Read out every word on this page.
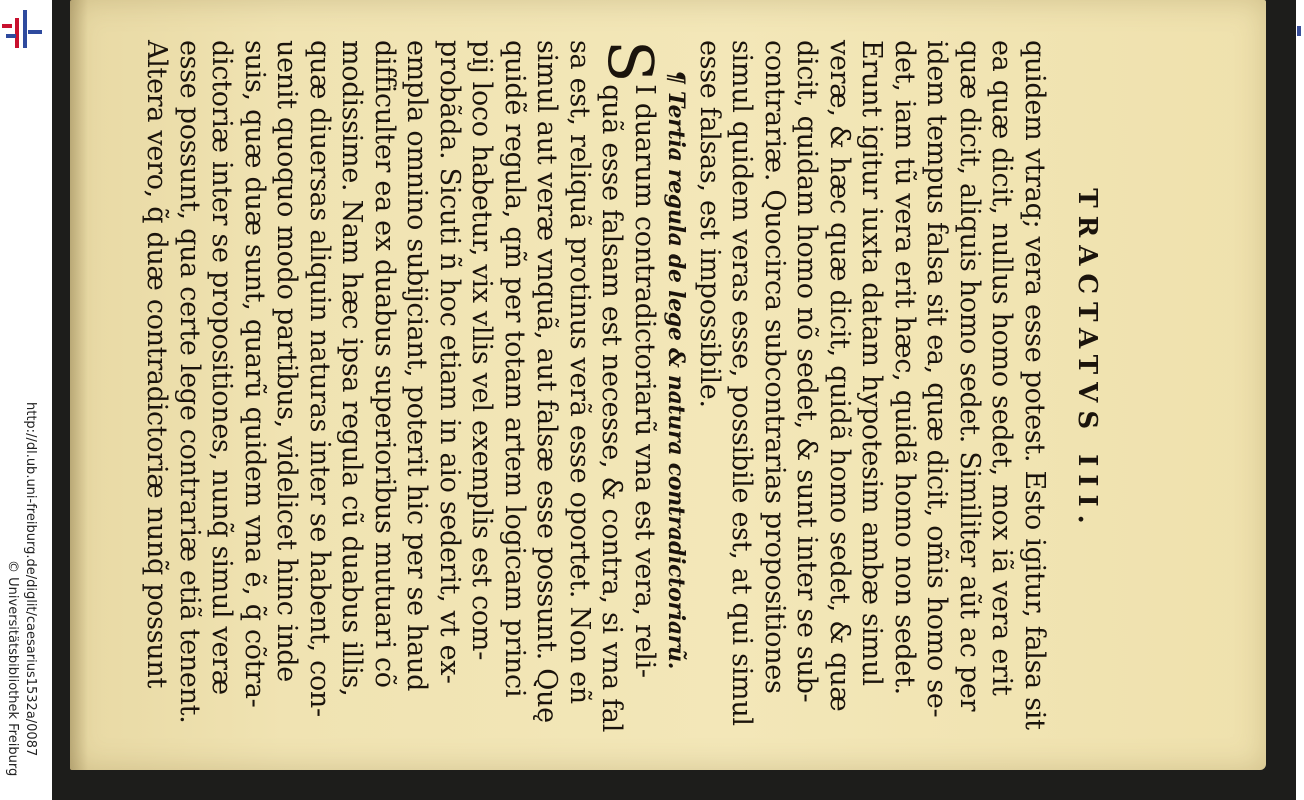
http://dl.ub.uni-freiburg.de/diglit/caesarius1532a/0087
© Universitätsbibliothek Freiburg
TRACTATVS III.
quidem vtraq; vera esse potest. Esto igitur, falsa sit
ea quæ dicit, nullus homo sedet, mox iã vera erit
quæ dicit, aliquis homo sedet. Similiter aũt ac per
idem tempus falsa sit ea, quæ dicit, om̃is homo se-
det, iam tũ vera erit hæc, quidã homo non sedet.
Erunt igitur iuxta datam hypotesim ambæ simul
veræ, & hæc quæ dicit, quidã homo sedet, & quæ
dicit, quidam homo nõ sedet, & sunt inter se sub-
contrariæ. Quocirca subcontrarias propositiones
simul quidem veras esse, possibile est, at qui simul
esse falsas, est impossibile.
¶ Tertia regula de lege & natura contradictoriarũ.
S
I duarum contradictoriarũ vna est vera, reli-
quã esse falsam est necesse, & contra, si vna fal
sa est, reliquã protinus verã esse oportet. Non eñ
simul aut veræ vnquã, aut falsæ esse possunt. Quę
quidẽ regula, qm̃ per totam artem logicam princi
pij loco habetur, vix vllis vel exemplis est com-
probãda. Sicuti ñ hoc etiam in aio sederit, vt ex-
empla omnino subijciant, poterit hic per se haud
difficulter ea ex duabus superioribus mutuari cõ
modissime. Nam hæc ipsa regula cũ duabus illis,
quæ diuersas aliquin naturas inter se habent, con-
uenit quoquo modo partibus, videlicet hinc inde
suis, quæ duæ sunt, quarũ quidem vna ẽ, q̃ cõtra-
dictoriæ inter se propositiones, nunq̃ simul veræ
esse possunt, qua certe lege contrariæ etiã tenent.
Altera vero, q̃ duæ contradictoriæ nunq̃ possunt
